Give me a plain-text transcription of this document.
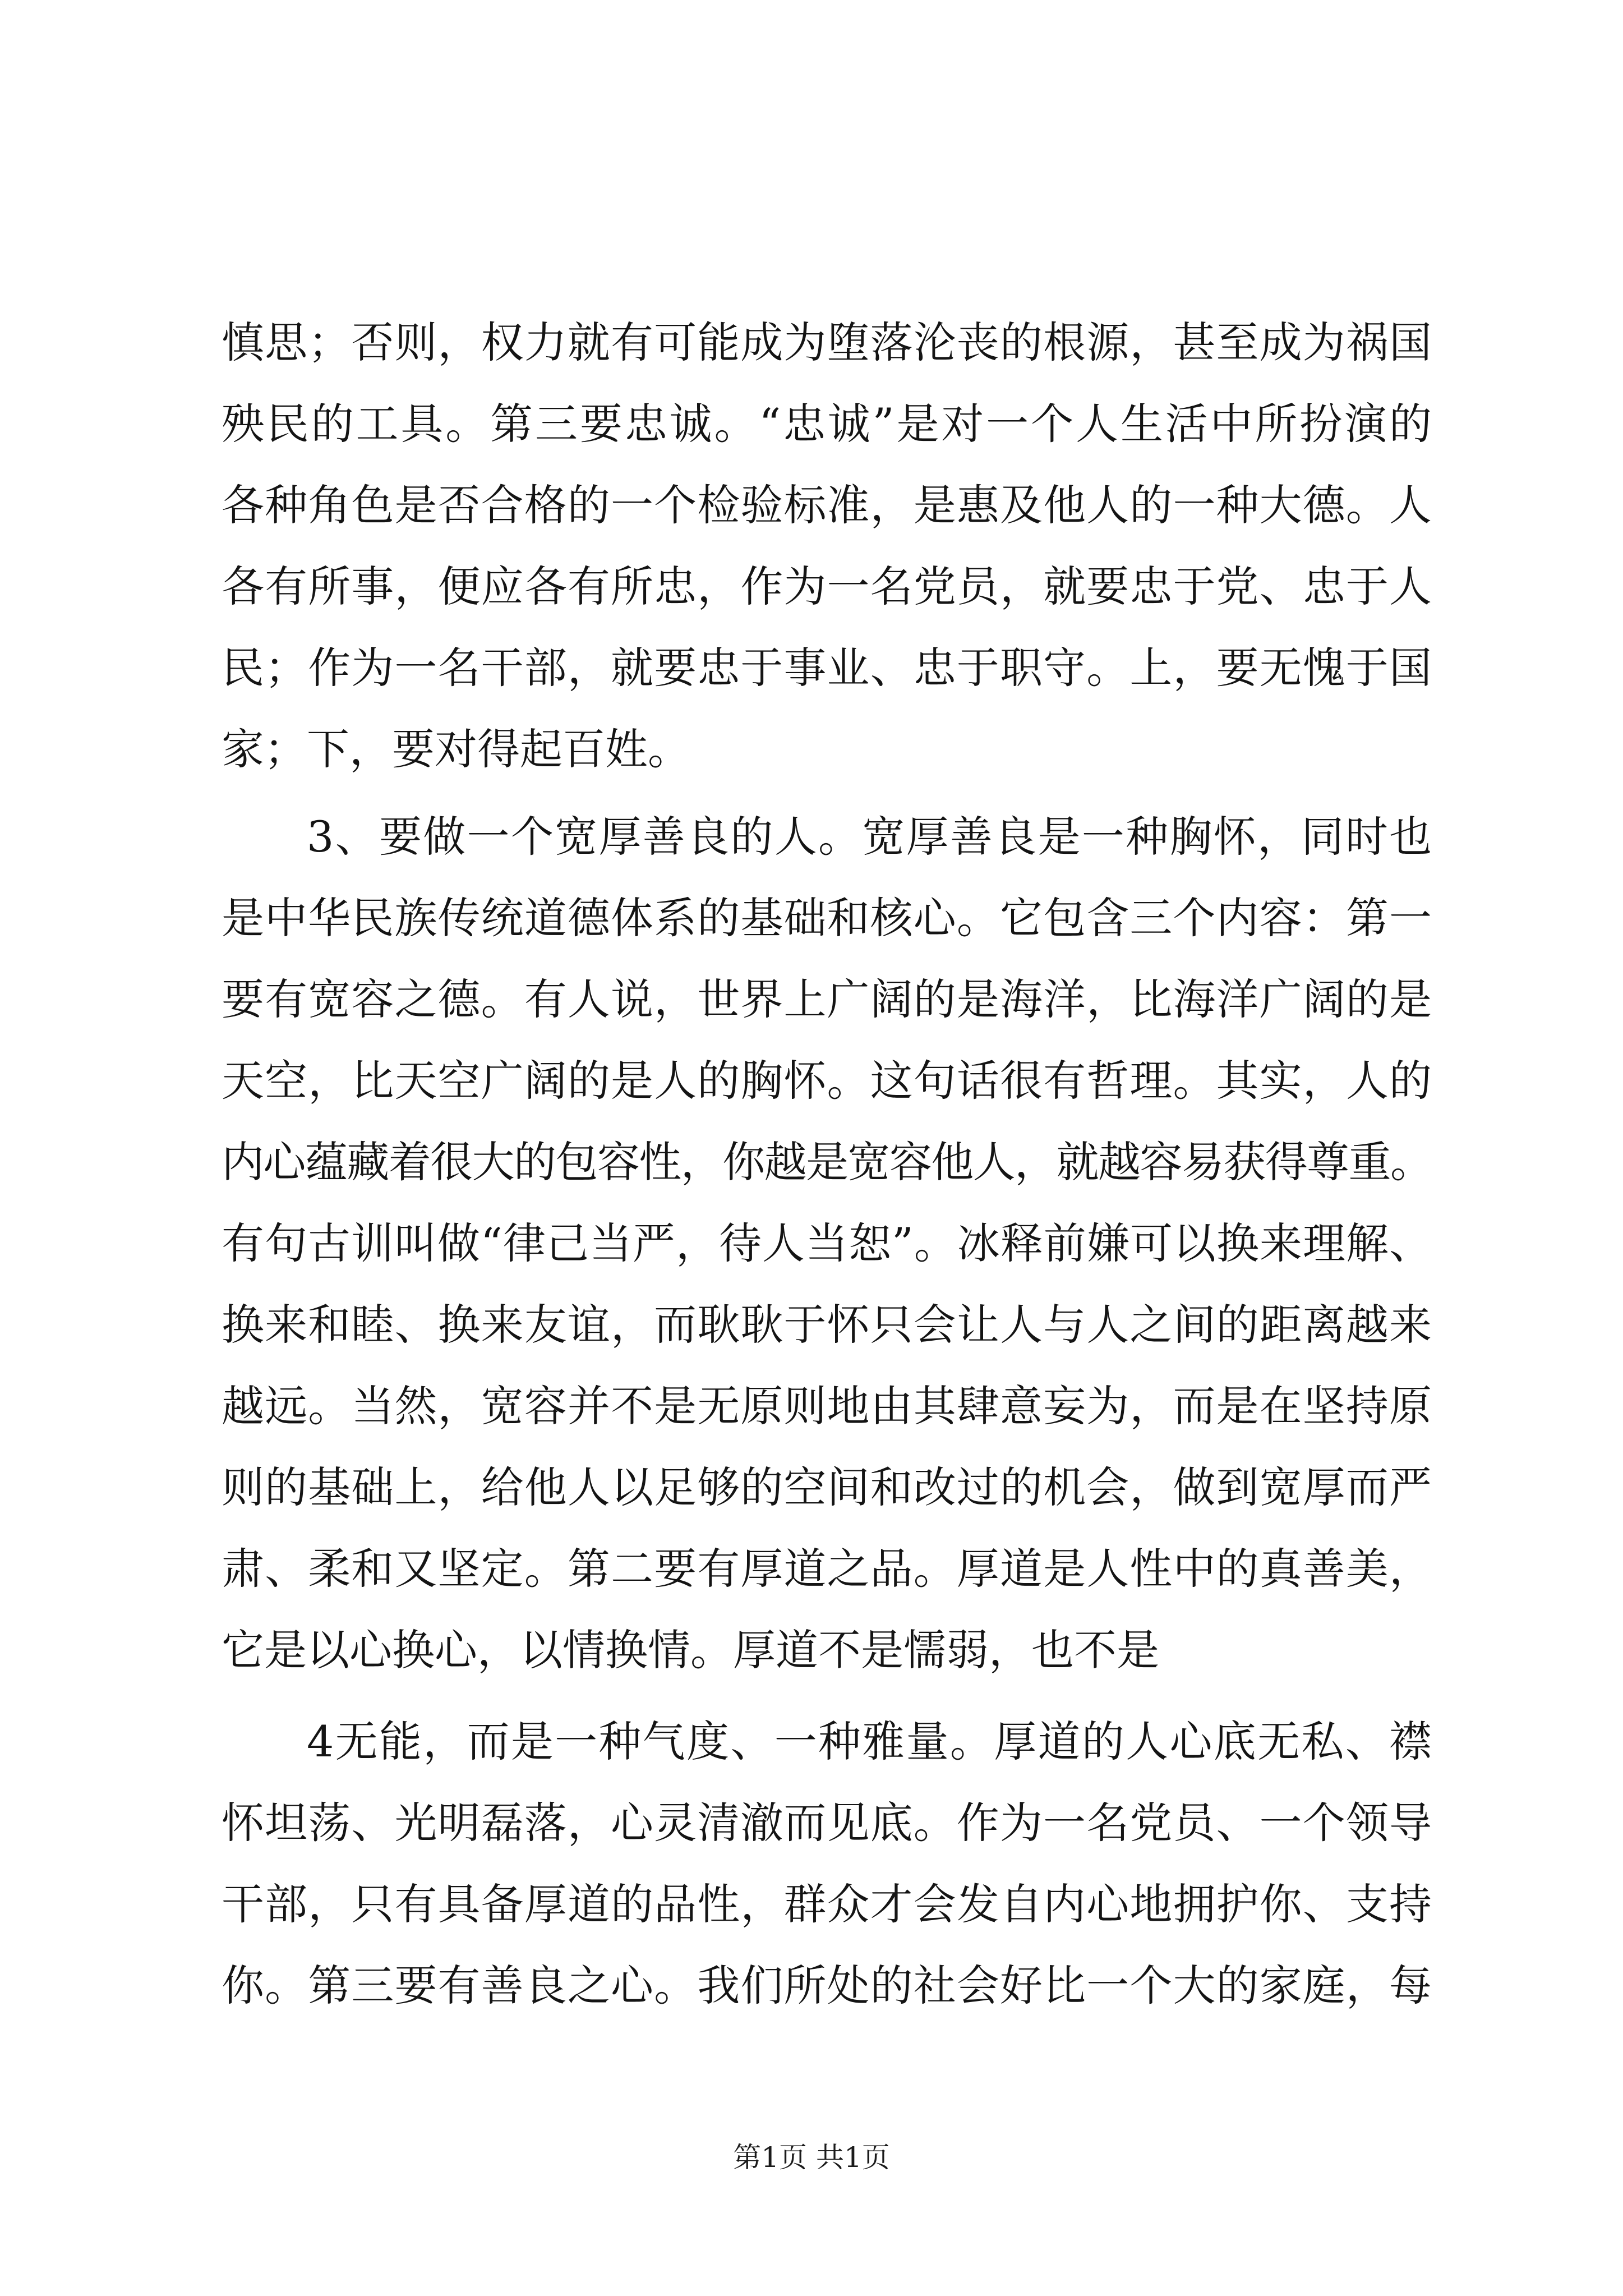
慎思；否则，权力就有可能成为堕落沦丧的根源，甚至成为祸国
殃民的工具。第三要忠诚。“忠诚”是对一个人生活中所扮演的
各种角色是否合格的一个检验标准，是惠及他人的一种大德。人
各有所事，便应各有所忠，作为一名党员，就要忠于党、忠于人
民；作为一名干部，就要忠于事业、忠于职守。上，要无愧于国
家；下，要对得起百姓。
3、要做一个宽厚善良的人。宽厚善良是一种胸怀，同时也
是中华民族传统道德体系的基础和核心。它包含三个内容：第一
要有宽容之德。有人说，世界上广阔的是海洋，比海洋广阔的是
天空，比天空广阔的是人的胸怀。这句话很有哲理。其实，人的
内心蕴藏着很大的包容性，你越是宽容他人，就越容易获得尊重。
有句古训叫做“律己当严，待人当恕”。冰释前嫌可以换来理解、
换来和睦、换来友谊，而耿耿于怀只会让人与人之间的距离越来
越远。当然，宽容并不是无原则地由其肆意妄为，而是在坚持原
则的基础上，给他人以足够的空间和改过的机会，做到宽厚而严
肃、柔和又坚定。第二要有厚道之品。厚道是人性中的真善美，
它是以心换心，以情换情。厚道不是懦弱，也不是
4无能，而是一种气度、一种雅量。厚道的人心底无私、襟
怀坦荡、光明磊落，心灵清澈而见底。作为一名党员、一个领导
干部，只有具备厚道的品性，群众才会发自内心地拥护你、支持
你。第三要有善良之心。我们所处的社会好比一个大的家庭，每
第1页 共1页
